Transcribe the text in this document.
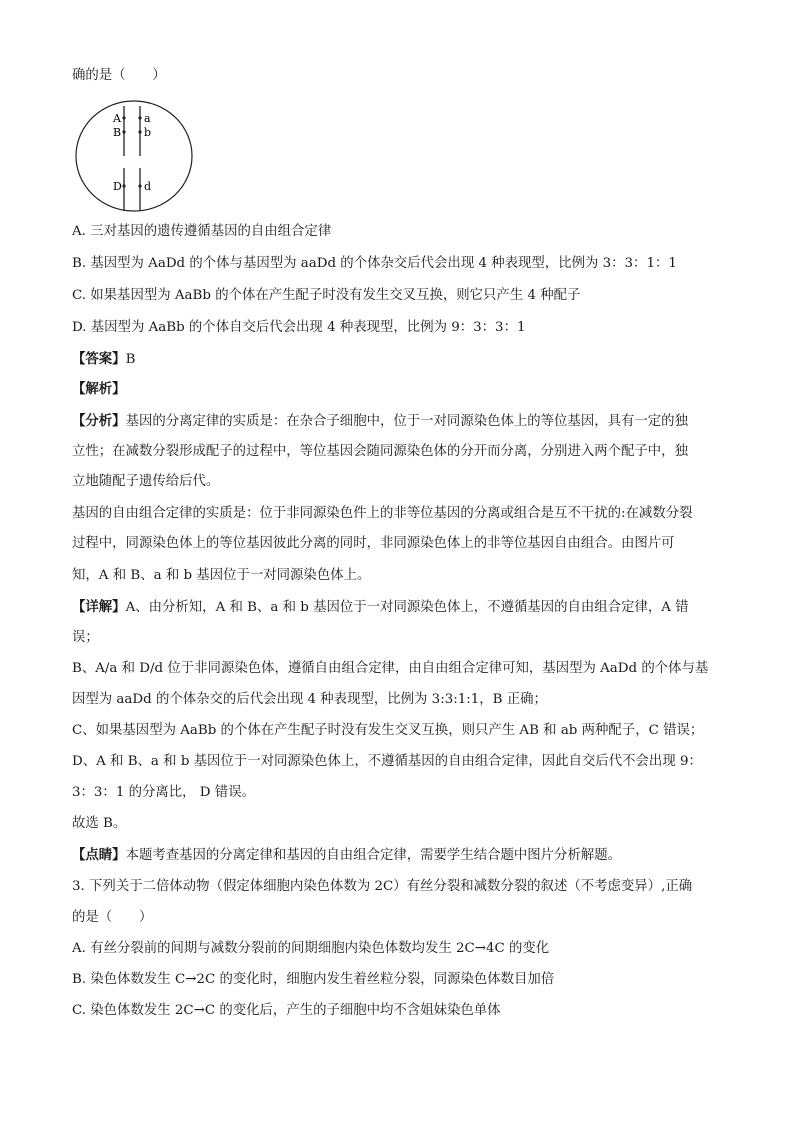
确的是（　　）
A a
B b
D d
A. 三对基因的遗传遵循基因的自由组合定律
B. 基因型为 AaDd 的个体与基因型为 aaDd 的个体杂交后代会出现 4 种表现型，比例为 3：3：1：1
C. 如果基因型为 AaBb 的个体在产生配子时没有发生交叉互换，则它只产生 4 种配子
D. 基因型为 AaBb 的个体自交后代会出现 4 种表现型，比例为 9：3：3：1
【答案】B
【解析】
【分析】基因的分离定律的实质是：在杂合子细胞中，位于一对同源染色体上的等位基因，具有一定的独
立性；在减数分裂形成配子的过程中，等位基因会随同源染色体的分开而分离，分别进入两个配子中，独
立地随配子遗传给后代。
基因的自由组合定律的实质是：位于非同源染色件上的非等位基因的分离或组合是互不干扰的:在减数分裂
过程中，同源染色体上的等位基因彼此分离的同时，非同源染色体上的非等位基因自由组合。由图片可
知，A 和 B、a 和 b 基因位于一对同源染色体上。
【详解】A、由分析知，A 和 B、a 和 b 基因位于一对同源染色体上，不遵循基因的自由组合定律，A 错
误；
B、A/a 和 D/d 位于非同源染色体，遵循自由组合定律，由自由组合定律可知，基因型为 AaDd 的个体与基
因型为 aaDd 的个体杂交的后代会出现 4 种表现型，比例为 3:3:1:1，B 正确；
C、如果基因型为 AaBb 的个体在产生配子时没有发生交叉互换，则只产生 AB 和 ab 两种配子，C 错误；
D、A 和 B、a 和 b 基因位于一对同源染色体上，不遵循基因的自由组合定律，因此自交后代不会出现 9：
3：3：1 的分离比， D 错误。
故选 B。
【点睛】本题考查基因的分离定律和基因的自由组合定律，需要学生结合题中图片分析解题。
3. 下列关于二倍体动物（假定体细胞内染色体数为 2C）有丝分裂和减数分裂的叙述（不考虑变异）,正确
的是（　　）
A. 有丝分裂前的间期与减数分裂前的间期细胞内染色体数均发生 2C→4C 的变化
B. 染色体数发生 C→2C 的变化时，细胞内发生着丝粒分裂，同源染色体数目加倍
C. 染色体数发生 2C→C 的变化后，产生的子细胞中均不含姐妹染色单体
